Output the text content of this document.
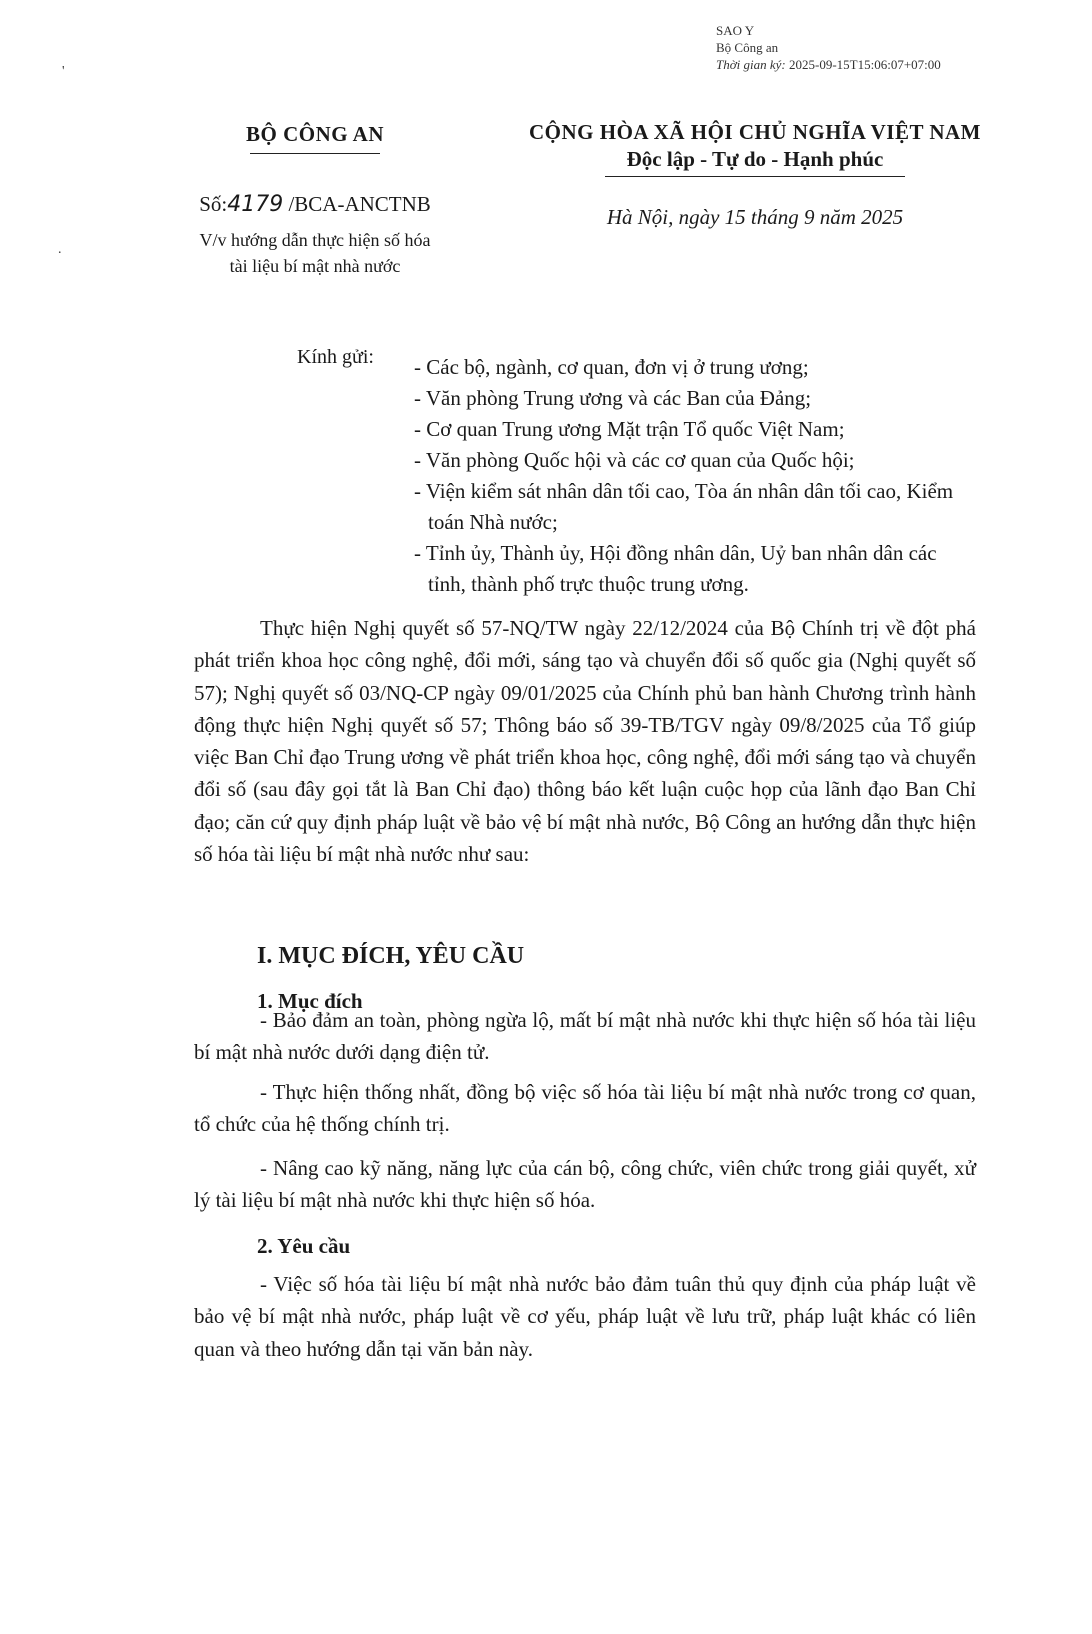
SAO Y
Bộ Công an
Thời gian ký: 2025-09-15T15:06:07+07:00
BỘ CÔNG AN
Số:4179 /BCA-ANCTNB
V/v hướng dẫn thực hiện số hóa
tài liệu bí mật nhà nước
CỘNG HÒA XÃ HỘI CHỦ NGHĨA VIỆT NAM
Độc lập - Tự do - Hạnh phúc
Hà Nội, ngày 15 tháng 9 năm 2025
Kính gửi: - Các bộ, ngành, cơ quan, đơn vị ở trung ương;
- Văn phòng Trung ương và các Ban của Đảng;
- Cơ quan Trung ương Mặt trận Tổ quốc Việt Nam;
- Văn phòng Quốc hội và các cơ quan của Quốc hội;
- Viện kiểm sát nhân dân tối cao, Tòa án nhân dân tối cao, Kiểm toán Nhà nước;
- Tỉnh ủy, Thành ủy, Hội đồng nhân dân, Uỷ ban nhân dân các tỉnh, thành phố trực thuộc trung ương.
Thực hiện Nghị quyết số 57-NQ/TW ngày 22/12/2024 của Bộ Chính trị về đột phá phát triển khoa học công nghệ, đổi mới, sáng tạo và chuyển đổi số quốc gia (Nghị quyết số 57); Nghị quyết số 03/NQ-CP ngày 09/01/2025 của Chính phủ ban hành Chương trình hành động thực hiện Nghị quyết số 57; Thông báo số 39-TB/TGV ngày 09/8/2025 của Tổ giúp việc Ban Chỉ đạo Trung ương về phát triển khoa học, công nghệ, đổi mới sáng tạo và chuyển đổi số (sau đây gọi tắt là Ban Chỉ đạo) thông báo kết luận cuộc họp của lãnh đạo Ban Chỉ đạo; căn cứ quy định pháp luật về bảo vệ bí mật nhà nước, Bộ Công an hướng dẫn thực hiện số hóa tài liệu bí mật nhà nước như sau:
I. MỤC ĐÍCH, YÊU CẦU
1. Mục đích
- Bảo đảm an toàn, phòng ngừa lộ, mất bí mật nhà nước khi thực hiện số hóa tài liệu bí mật nhà nước dưới dạng điện tử.
- Thực hiện thống nhất, đồng bộ việc số hóa tài liệu bí mật nhà nước trong cơ quan, tổ chức của hệ thống chính trị.
- Nâng cao kỹ năng, năng lực của cán bộ, công chức, viên chức trong giải quyết, xử lý tài liệu bí mật nhà nước khi thực hiện số hóa.
2. Yêu cầu
- Việc số hóa tài liệu bí mật nhà nước bảo đảm tuân thủ quy định của pháp luật về bảo vệ bí mật nhà nước, pháp luật về cơ yếu, pháp luật về lưu trữ, pháp luật khác có liên quan và theo hướng dẫn tại văn bản này.
'
.
